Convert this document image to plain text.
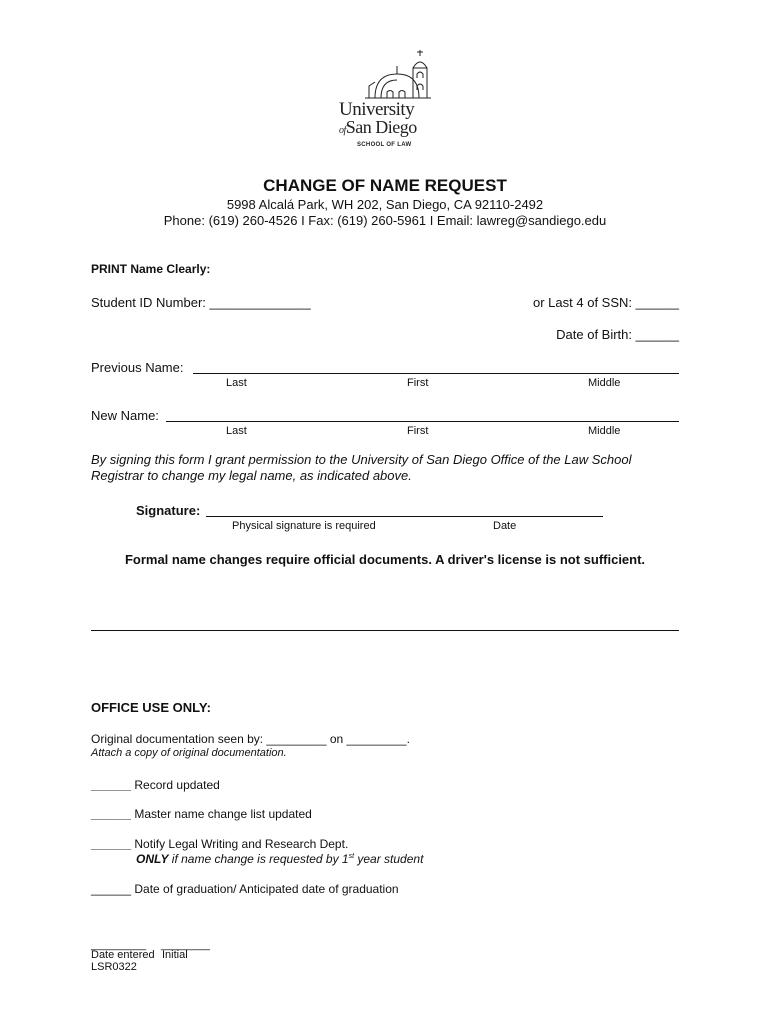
University
ofSan Diego
SCHOOL OF LAW
CHANGE OF NAME REQUEST
5998 Alcalá Park, WH 202, San Diego, CA 92110-2492
Phone: (619) 260-4526 I Fax: (619) 260-5961 I Email: lawreg@sandiego.edu
PRINT Name Clearly:
Student ID Number: ______________	or Last 4 of SSN: ______
Date of Birth: ______
Previous Name:
Last	First	Middle
New Name:
Last	First	Middle
By signing this form I grant permission to the University of San Diego Office of the Law School
Registrar to change my legal name, as indicated above.
Signature:
Physical signature is required	Date
Formal name changes require official documents. A driver's license is not sufficient.
OFFICE USE ONLY:
Original documentation seen by: _________ on _________.
Attach a copy of original documentation.
______ Record updated
______ Master name change list updated
______ Notify Legal Writing and Research Dept.
ONLY if name change is requested by 1st year student
______ Date of graduation/ Anticipated date of graduation
_________ ________
Date entered Initial
LSR0322
